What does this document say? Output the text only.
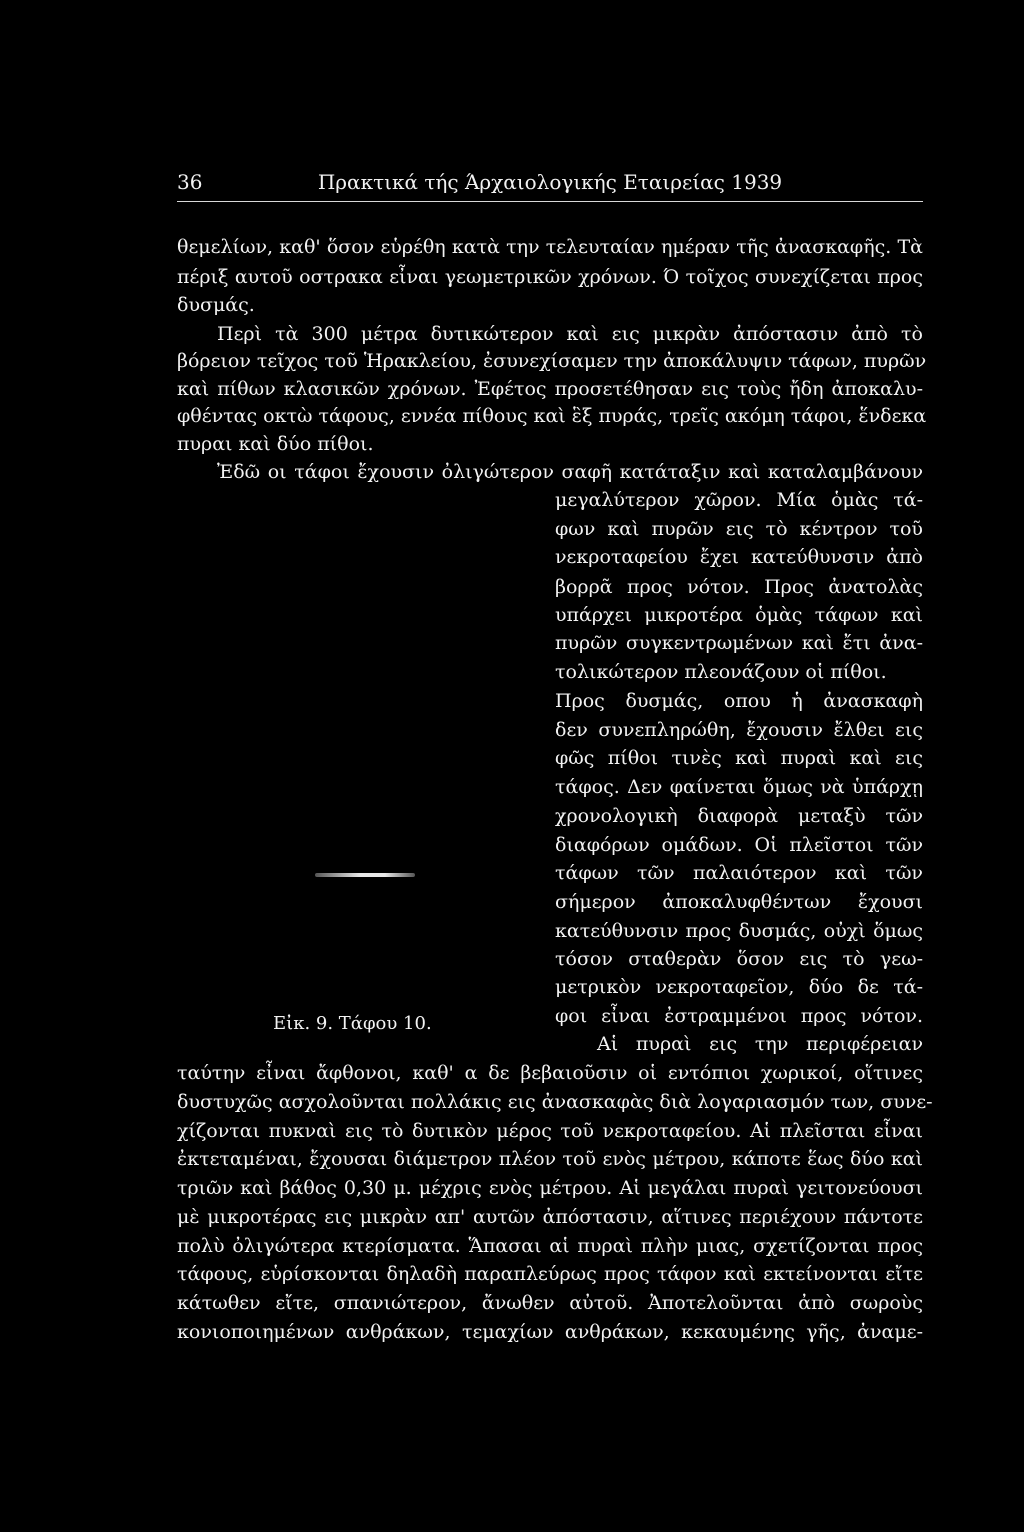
36	Πρακτικά τής Άρχαιολογικής Εταιρείας 1939
θεμελίων, καθ' ὅσον εὑρέθη κατὰ την τελευταίαν ημέραν τῆς ἀνασκαφῆς. Τὰ
πέριξ αυτοῦ οστρακα εἶναι γεωμετρικῶν χρόνων. Ό τοῖχος συνεχίζεται προς
δυσμάς.
Περὶ τὰ 300 μέτρα δυτικώτερον καὶ εις μικρὰν ἀπόστασιν ἀπὸ τὸ
βόρειον τεῖχος τοῦ Ἡρακλείου, ἐσυνεχίσαμεν την ἀποκάλυψιν τάφων, πυρῶν
καὶ πίθων κλασικῶν χρόνων. Ἐφέτος προσετέθησαν εις τοὺς ἤδη ἀποκαλυ-
φθέντας οκτὼ τάφους, εννέα πίθους καὶ ἓξ πυράς, τρεῖς ακόμη τάφοι, ἕνδεκα
πυραι καὶ δύο πίθοι.
Ἐδῶ οι τάφοι ἔχουσιν ὀλιγώτερον σαφῆ κατάταξιν καὶ καταλαμβάνουν
μεγαλύτερον χῶρον. Μία ὁμὰς τά-
φων καὶ πυρῶν εις τὸ κέντρον τοῦ
νεκροταφείου ἔχει κατεύθυνσιν ἀπὸ
βορρᾶ προς νότον. Προς ἀνατολὰς
υπάρχει μικροτέρα ὁμὰς τάφων καὶ
πυρῶν συγκεντρωμένων καὶ ἔτι ἀνα-
τολικώτερον πλεονάζουν οἱ πίθοι.
Προς δυσμάς, οπου ἡ ἀνασκαφὴ
δεν συνεπληρώθη, ἔχουσιν ἔλθει εις
φῶς πίθοι τινὲς καὶ πυραὶ καὶ εις
τάφος. Δεν φαίνεται ὅμως νὰ ὑπάρχῃ
χρονολογικὴ διαφορὰ μεταξὺ τῶν
διαφόρων ομάδων. Οἱ πλεῖστοι τῶν
τάφων τῶν παλαιότερον καὶ τῶν
σήμερον ἀποκαλυφθέντων ἔχουσι
κατεύθυνσιν προς δυσμάς, οὐχὶ ὅμως
τόσον σταθερὰν ὅσον εις τὸ γεω-
μετρικὸν νεκροταφεῖον, δύο δε τά-
φοι εἶναι ἐστραμμένοι προς νότον.
Εἰκ. 9. Τάφου 10.
Αἱ πυραὶ εις την περιφέρειαν
ταύτην εἶναι ἄφθονοι, καθ' α δε βεβαιοῦσιν οἱ εντόπιοι χωρικοί, οἵτινες
δυστυχῶς ασχολοῦνται πολλάκις εις ἀνασκαφὰς διὰ λογαριασμόν των, συνε-
χίζονται πυκναὶ εις τὸ δυτικὸν μέρος τοῦ νεκροταφείου. Αἱ πλεῖσται εἶναι
ἐκτεταμέναι, ἔχουσαι διάμετρον πλέον τοῦ ενὸς μέτρου, κάποτε ἕως δύο καὶ
τριῶν καὶ βάθος 0,30 μ. μέχρις ενὸς μέτρου. Αἱ μεγάλαι πυραὶ γειτονεύουσι
μὲ μικροτέρας εις μικρὰν απ' αυτῶν ἀπόστασιν, αἵτινες περιέχουν πάντοτε
πολὺ ὀλιγώτερα κτερίσματα. Ἅπασαι αἱ πυραὶ πλὴν μιας, σχετίζονται προς
τάφους, εὑρίσκονται δηλαδὴ παραπλεύρως προς τάφον καὶ εκτείνονται εἴτε
κάτωθεν εἴτε, σπανιώτερον, ἄνωθεν αὐτοῦ. Ἀποτελοῦνται ἀπὸ σωροὺς
κονιοποιημένων ανθράκων, τεμαχίων ανθράκων, κεκαυμένης γῆς, ἀναμε-
